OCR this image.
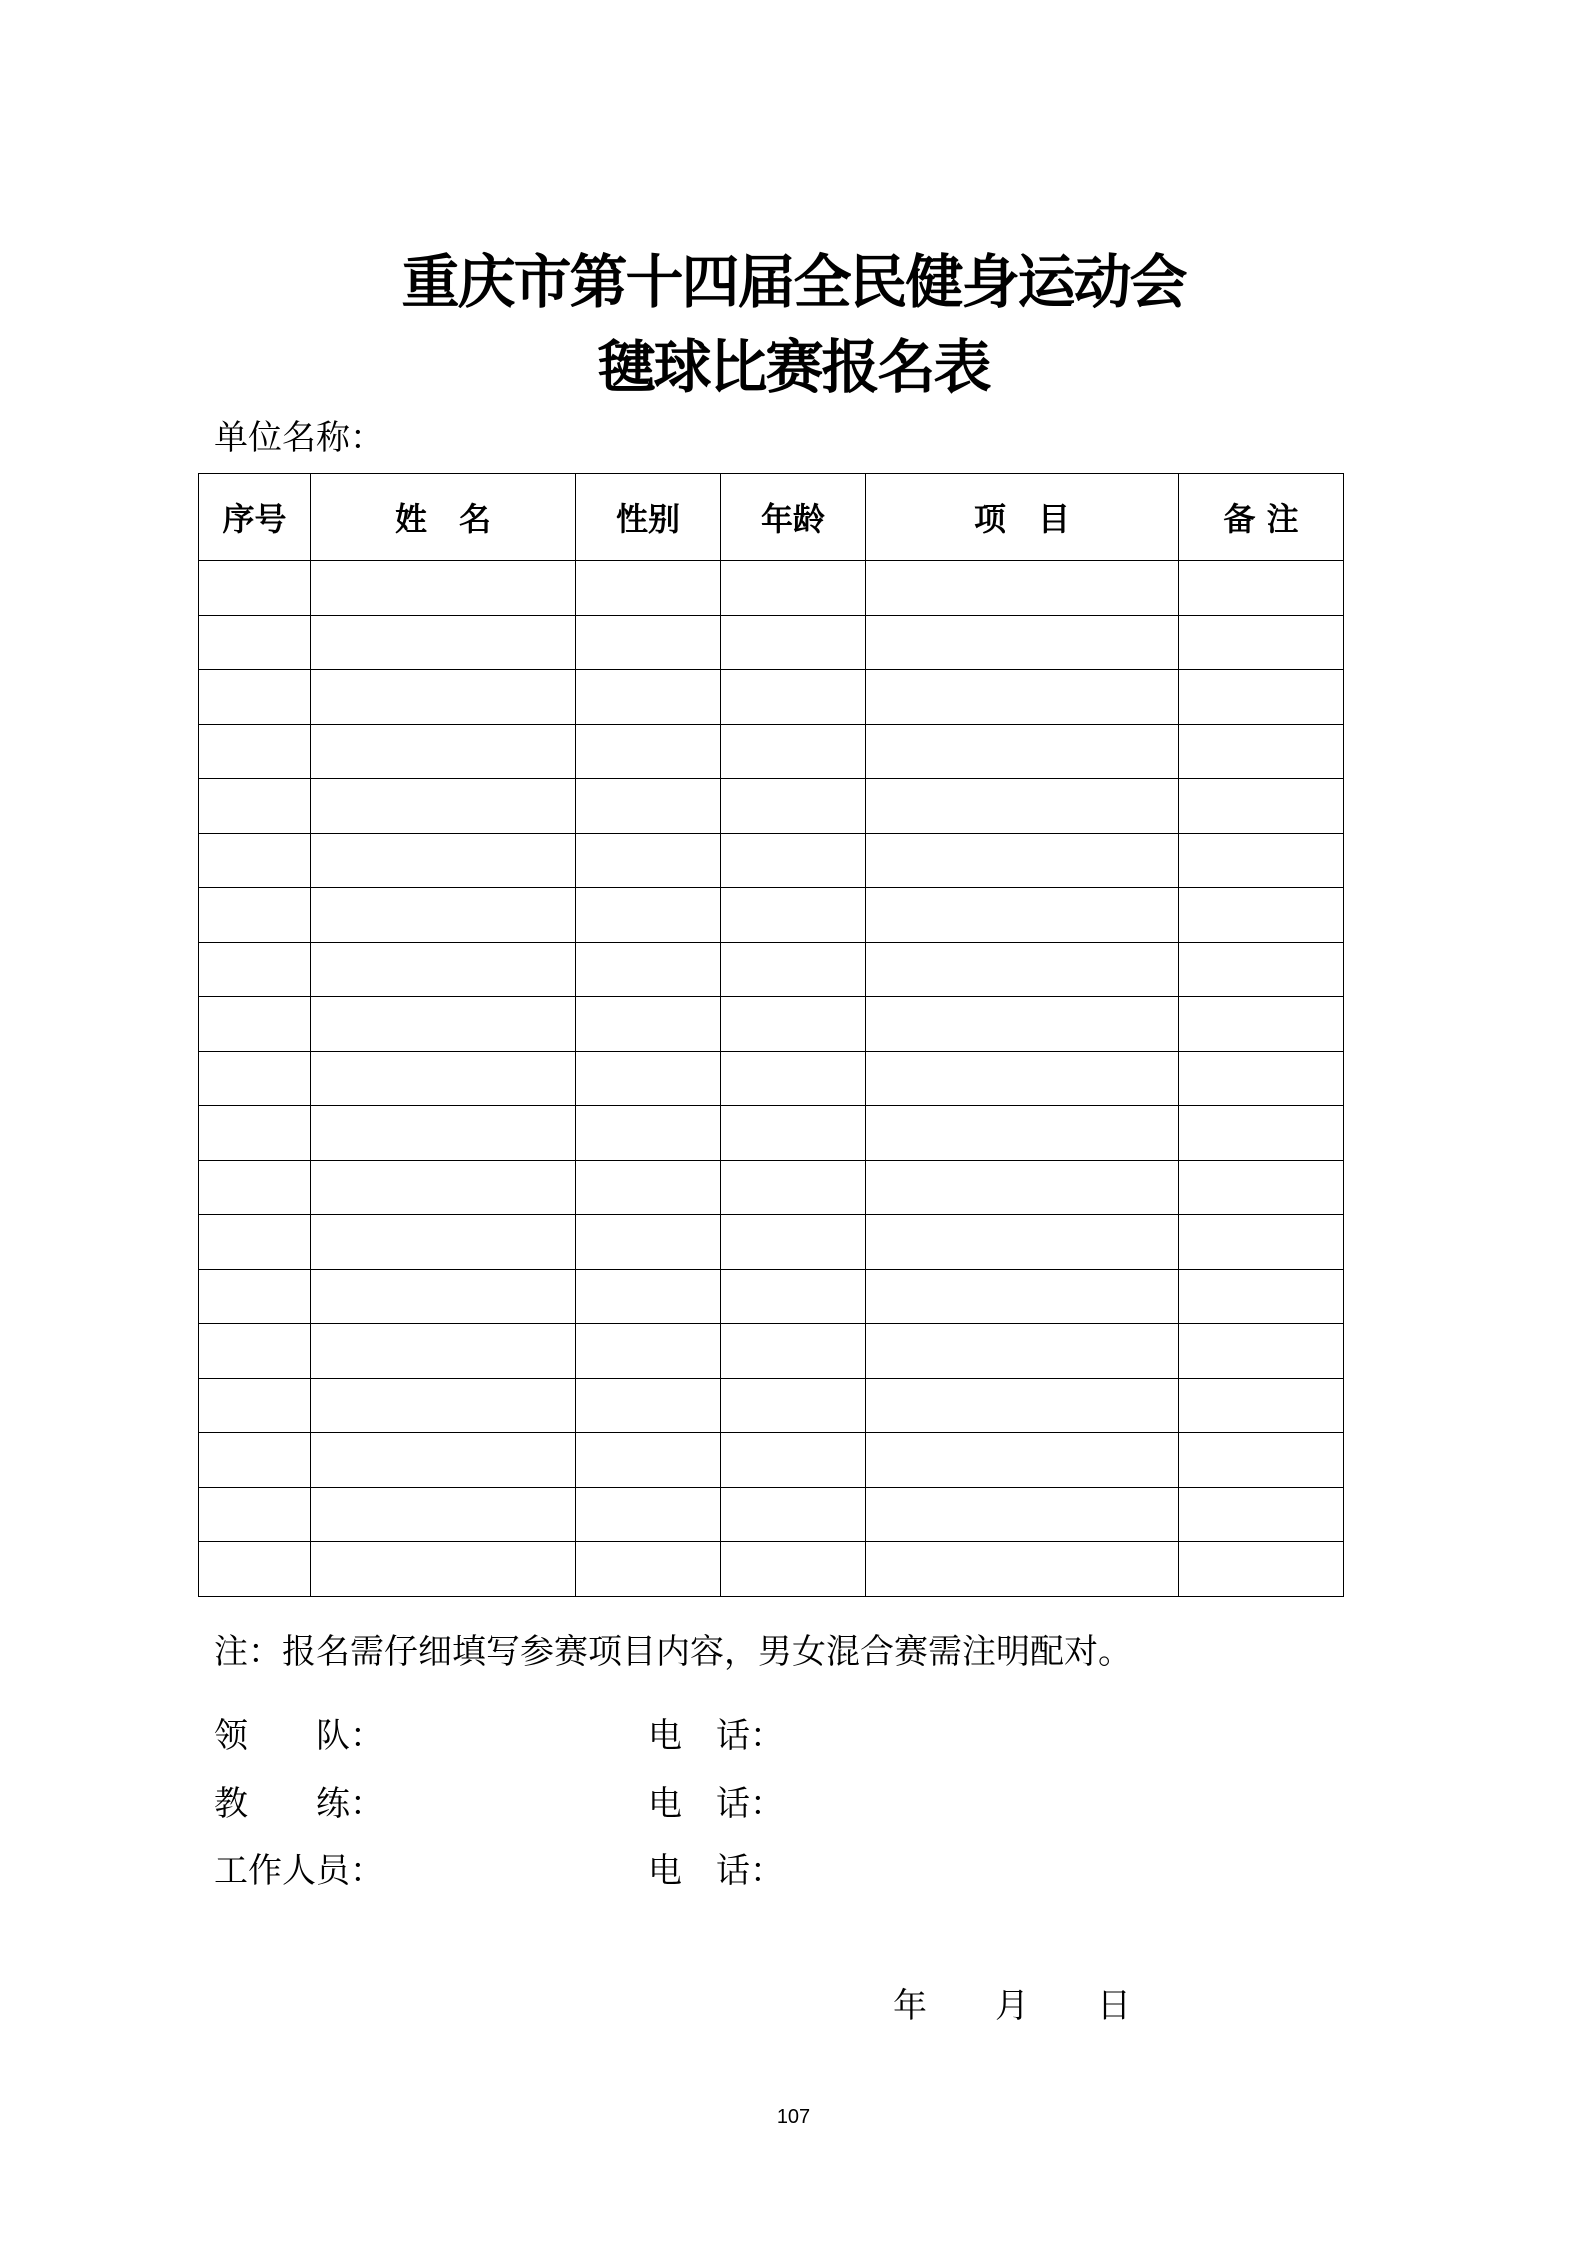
重庆市第十四届全民健身运动会
毽球比赛报名表
单位名称：
序号	姓　名	性别	年龄	项　目	备 注

注：报名需仔细填写参赛项目内容，男女混合赛需注明配对。
领　　队：	电　话：
教　　练：	电　话：
工作人员：	电　话：
年　　月　　日
107
